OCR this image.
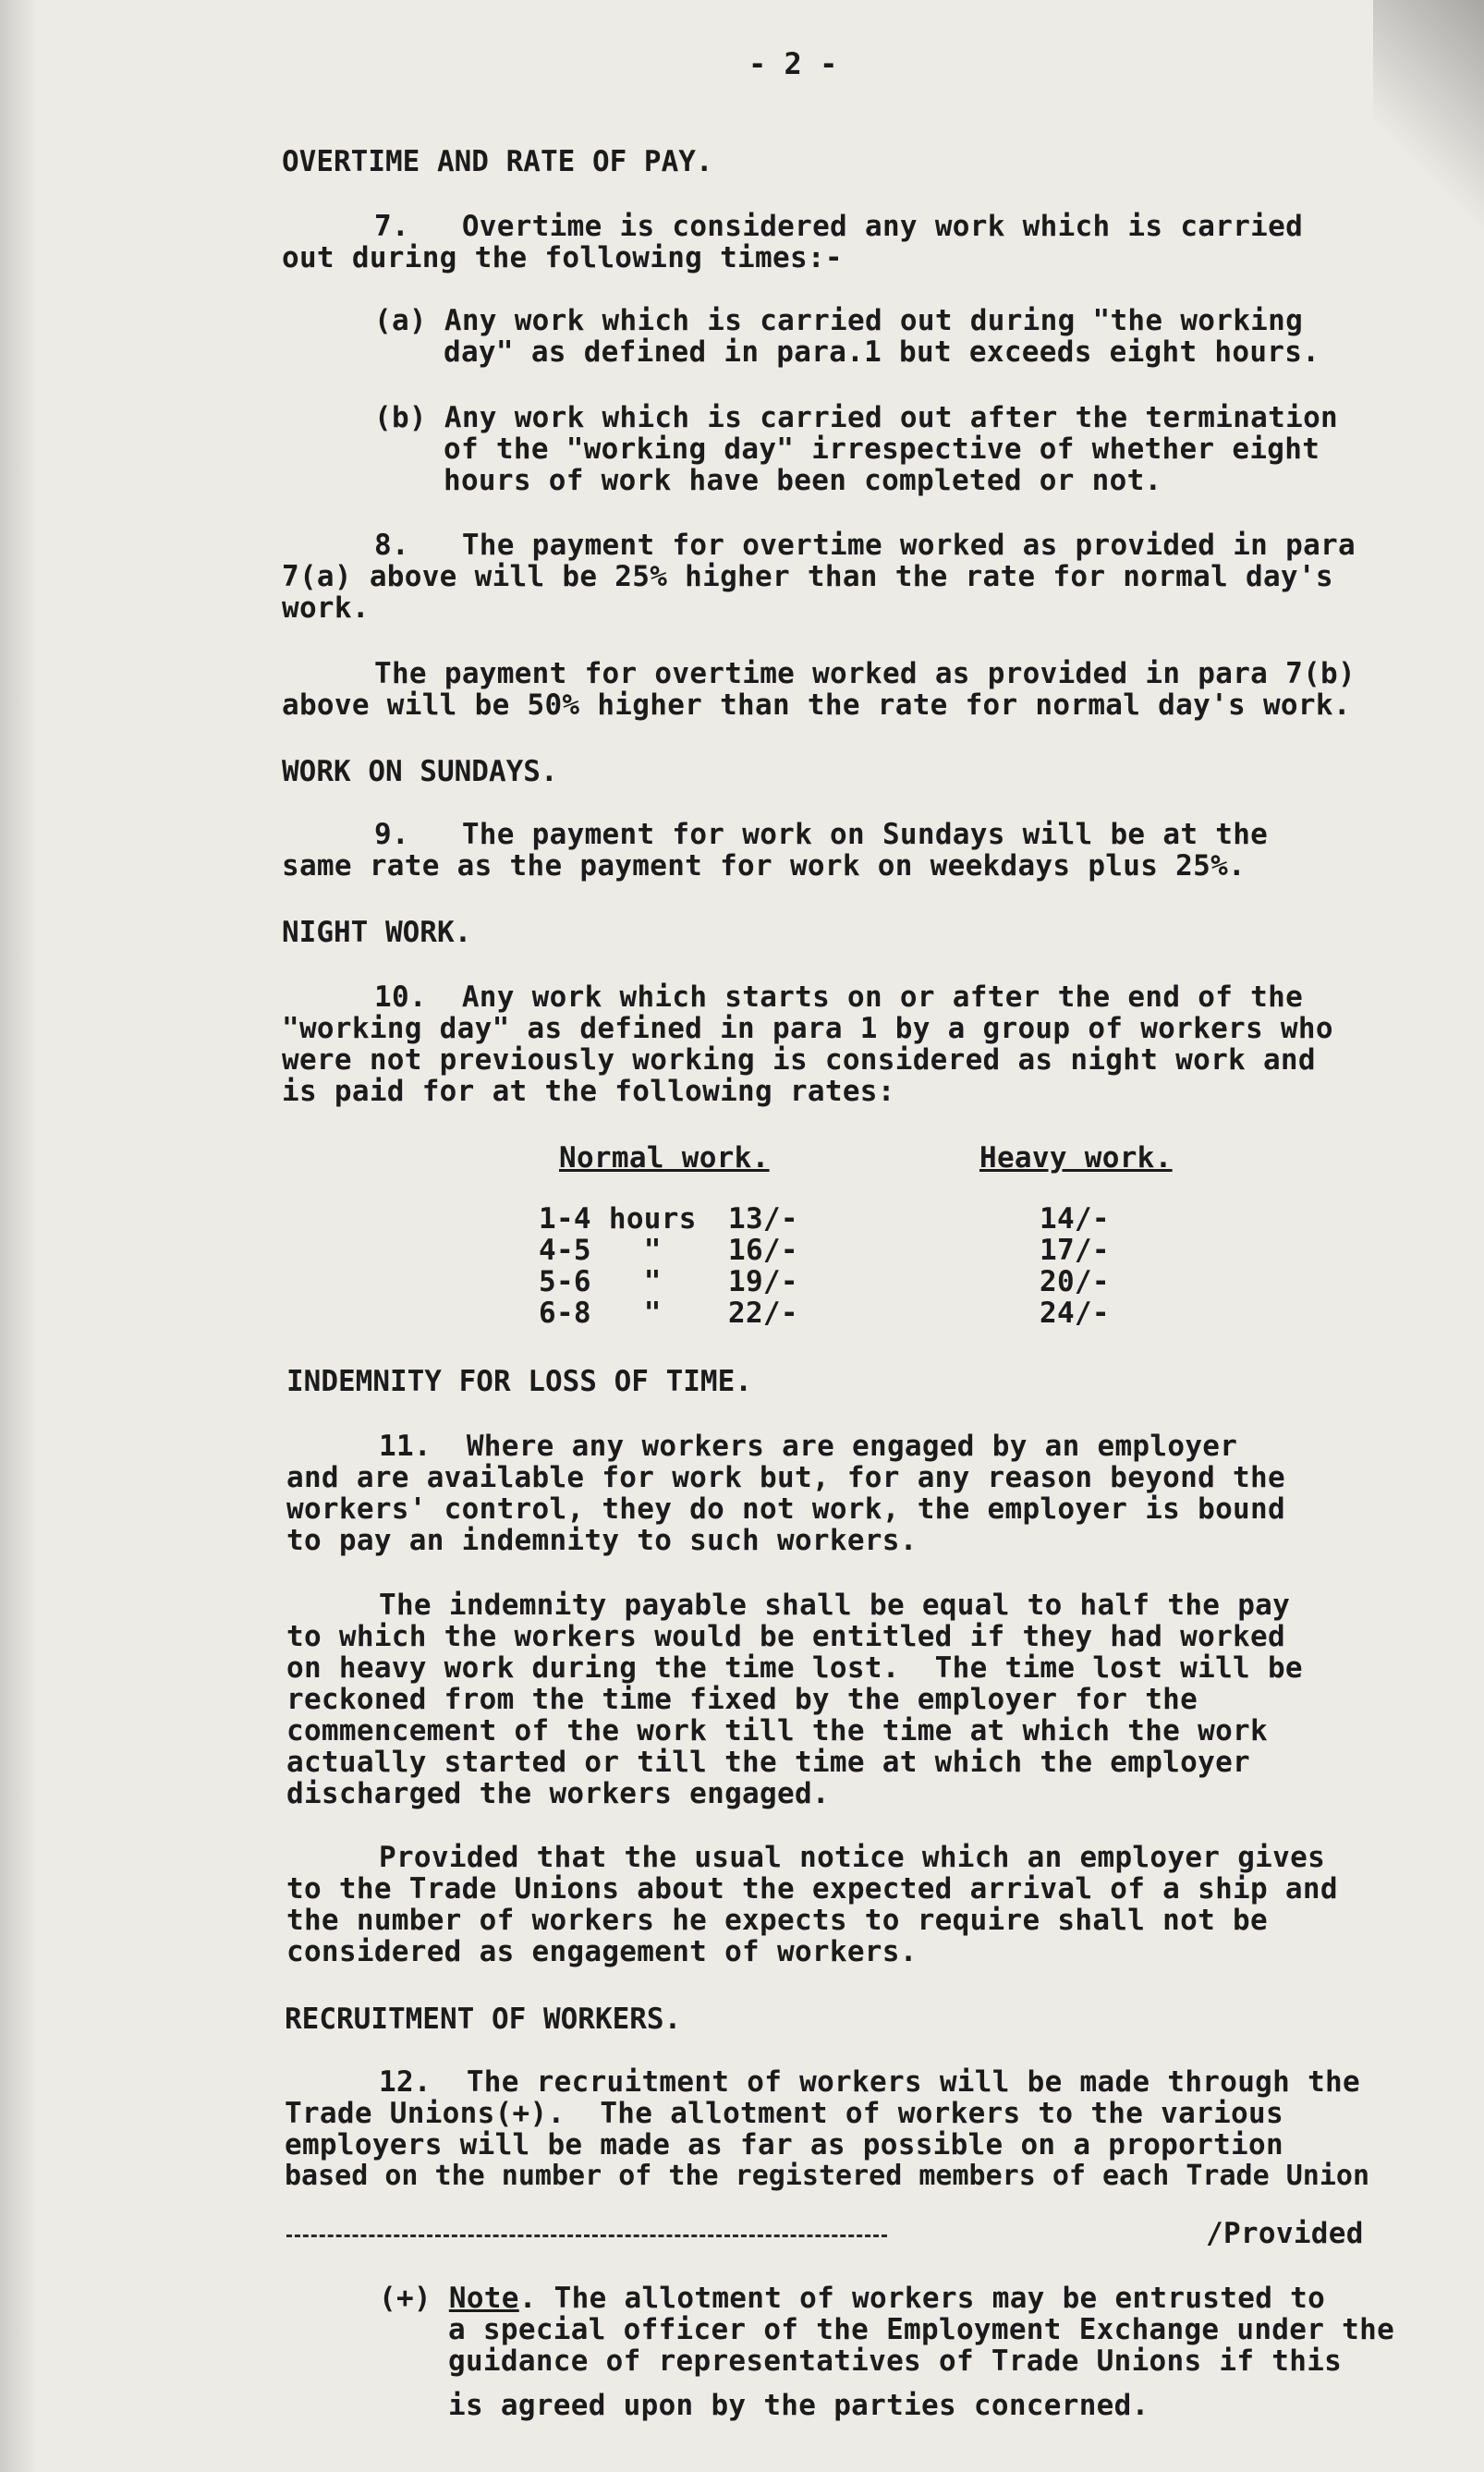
- 2 -
OVERTIME AND RATE OF PAY.
7.   Overtime is considered any work which is carried
out during the following times:-
(a) Any work which is carried out during "the working
day" as defined in para.1 but exceeds eight hours.
(b) Any work which is carried out after the termination
of the "working day" irrespective of whether eight
hours of work have been completed or not.
8.   The payment for overtime worked as provided in para
7(a) above will be 25% higher than the rate for normal day's
work.
The payment for overtime worked as provided in para 7(b)
above will be 50% higher than the rate for normal day's work.
WORK ON SUNDAYS.
9.   The payment for work on Sundays will be at the
same rate as the payment for work on weekdays plus 25%.
NIGHT WORK.
10.  Any work which starts on or after the end of the
"working day" as defined in para 1 by a group of workers who
were not previously working is considered as night work and
is paid for at the following rates:
Normal work.	Heavy work.
1-4 hours 13/-	14/-
4-5   " 16/-	17/-
5-6   " 19/-	20/-
6-8   " 22/-	24/-
INDEMNITY FOR LOSS OF TIME.
11.  Where any workers are engaged by an employer
and are available for work but, for any reason beyond the
workers' control, they do not work, the employer is bound
to pay an indemnity to such workers.
The indemnity payable shall be equal to half the pay
to which the workers would be entitled if they had worked
on heavy work during the time lost.  The time lost will be
reckoned from the time fixed by the employer for the
commencement of the work till the time at which the work
actually started or till the time at which the employer
discharged the workers engaged.
Provided that the usual notice which an employer gives
to the Trade Unions about the expected arrival of a ship and
the number of workers he expects to require shall not be
considered as engagement of workers.
RECRUITMENT OF WORKERS.
12.  The recruitment of workers will be made through the
Trade Unions(+).  The allotment of workers to the various
employers will be made as far as possible on a proportion
based on the number of the registered members of each Trade Union
/Provided
(+) Note. The allotment of workers may be entrusted to
a special officer of the Employment Exchange under the
guidance of representatives of Trade Unions if this
is agreed upon by the parties concerned.
